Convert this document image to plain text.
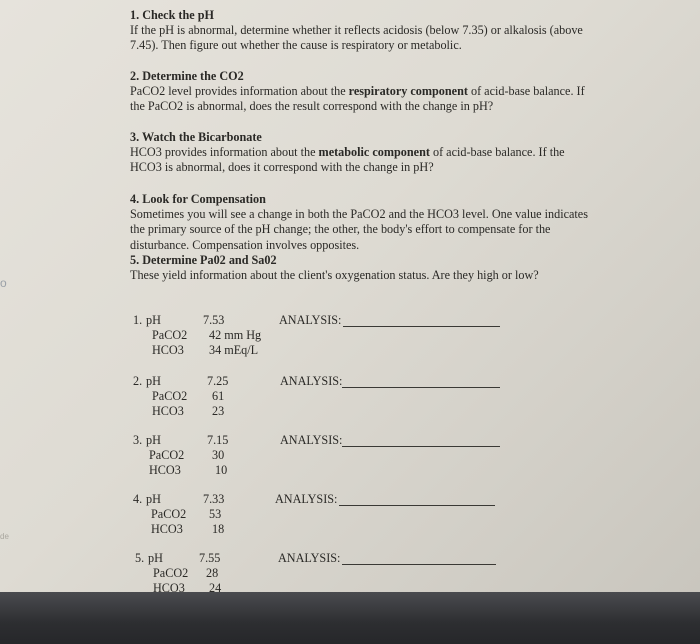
o
de

1. Check the pH

If the pH is abnormal, determine whether it reflects acidosis (below 7.35) or alkalosis (above 7.45). Then figure out whether the cause is respiratory or metabolic.

2. Determine the CO2

PaCO2 level provides information about the respiratory component of acid-base balance. If the PaCO2 is abnormal, does the result correspond with the change in pH?

3. Watch the Bicarbonate

HCO3 provides information about the metabolic component of acid-base balance. If the HCO3 is abnormal, does it correspond with the change in pH?

4. Look for Compensation

Sometimes you will see a change in both the PaCO2 and the HCO3 level. One value indicates the primary source of the pH change; the other, the body's effort to compensate for the disturbance. Compensation involves opposites.

5. Determine Pa02 and Sa02

These yield information about the client's oxygenation status. Are they high or low?

1. pH	7.53
PaCO2 42 mm Hg
HCO3 34 mEq/L
ANALYSIS:
2. pH	7.25
PaCO2 61
HCO3 23
ANALYSIS:
3. pH	7.15
PaCO2 30
HCO3	10
ANALYSIS:
4. pH	7.33
PaCO2 53
HCO3 18
ANALYSIS:
5. pH	7.55
PaCO2 28
HCO3 24
ANALYSIS:
